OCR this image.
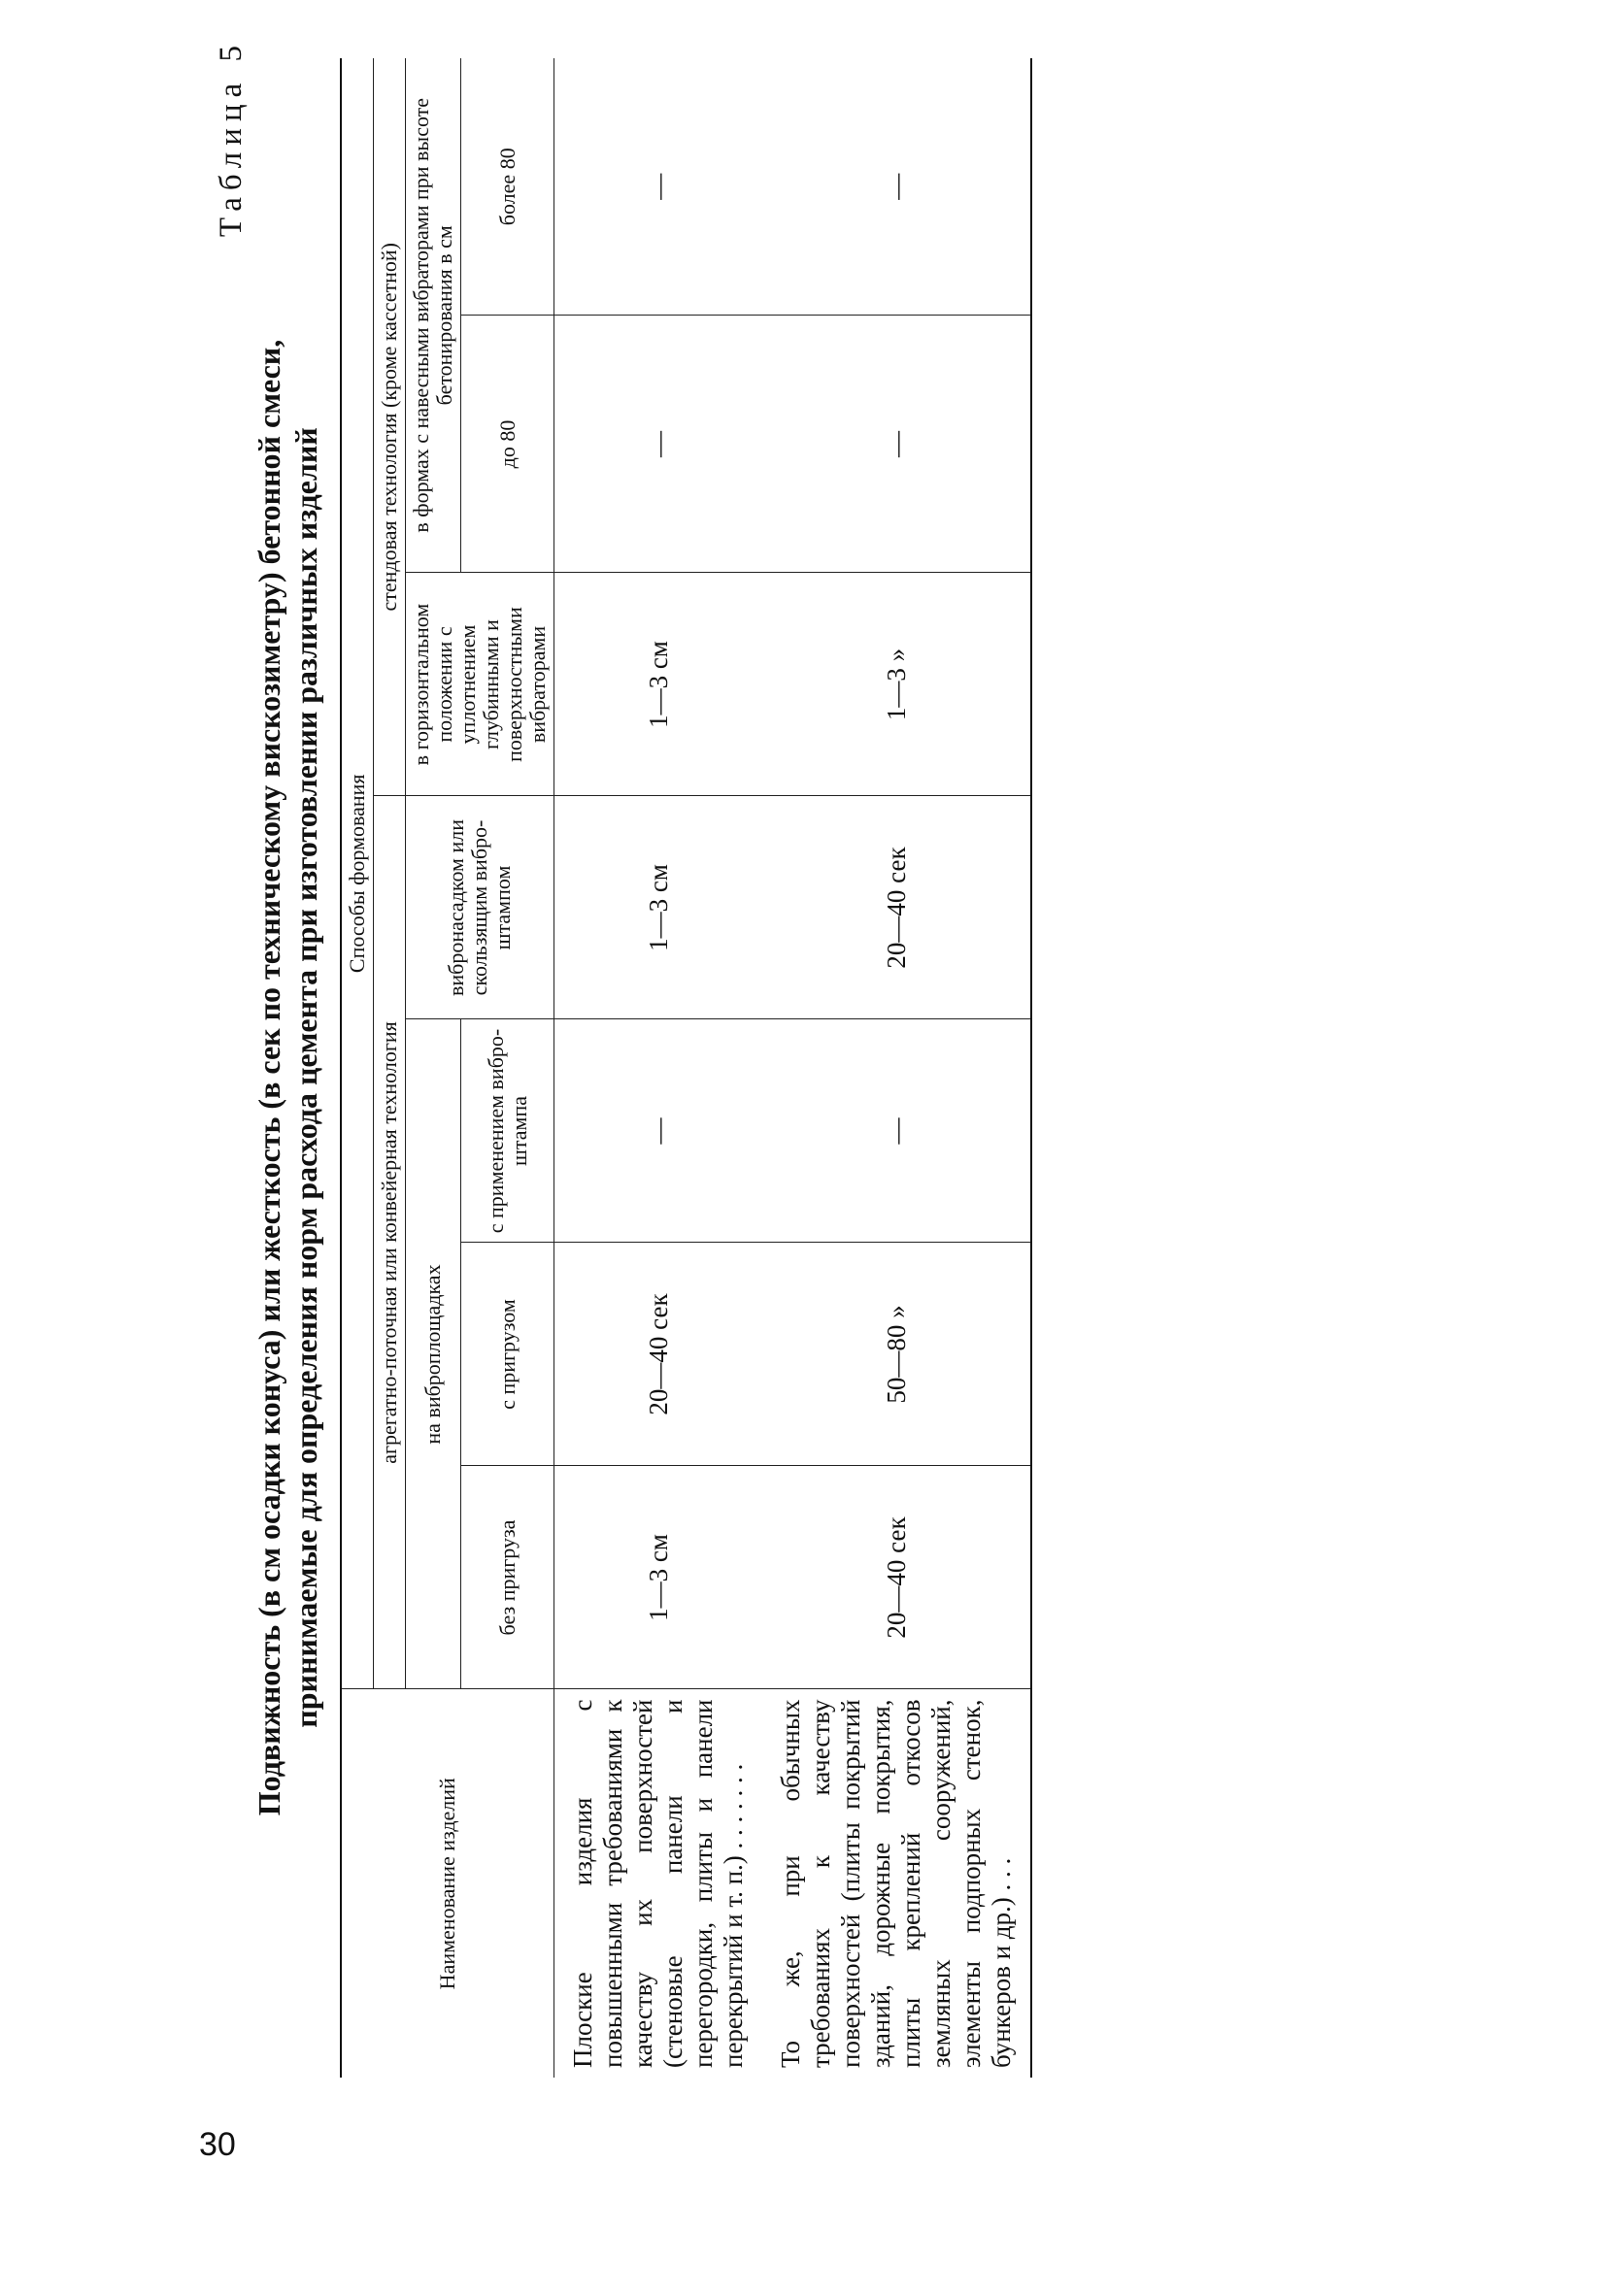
30
Таблица 5
Подвижность (в см осадки конуса) или жесткость (в сек по техническому вискозиметру) бетонной смеси, принимаемые для определения норм расхода цемента при изготовлении различных изделий
Наименование изделий	Способы формования						
	агрегатно-поточная или конвейерная технология				стендовая технология (кроме кассетной)		
	на виброплощадках			вибронасадком или скользящим вибро-штампом	в горизонтальном положении с уплотнением глубинными и поверхностными вибраторами	в формах с навесными вибраторами при высоте бетонирования в см	
	без пригруза	с пригрузом	с применением вибро-штампа			до 80	более 80

Плоские изделия с повышенными требованиями к качеству их поверхностей (стеновые панели и перегородки, плиты и панели перекрытий и т. п.) . . . . . . .	1—3 см	20—40 сек	—	1—3 см	1—3 см	—	—
То же, при обычных требованиях к качеству поверхностей (плиты покрытий зданий, дорожные покрытия, плиты креплений откосов земляных сооружений, элементы подпорных стенок, бункеров и др.) . . .	20—40 сек	50—80 »	—	20—40 сек	1—3 »	—	—
